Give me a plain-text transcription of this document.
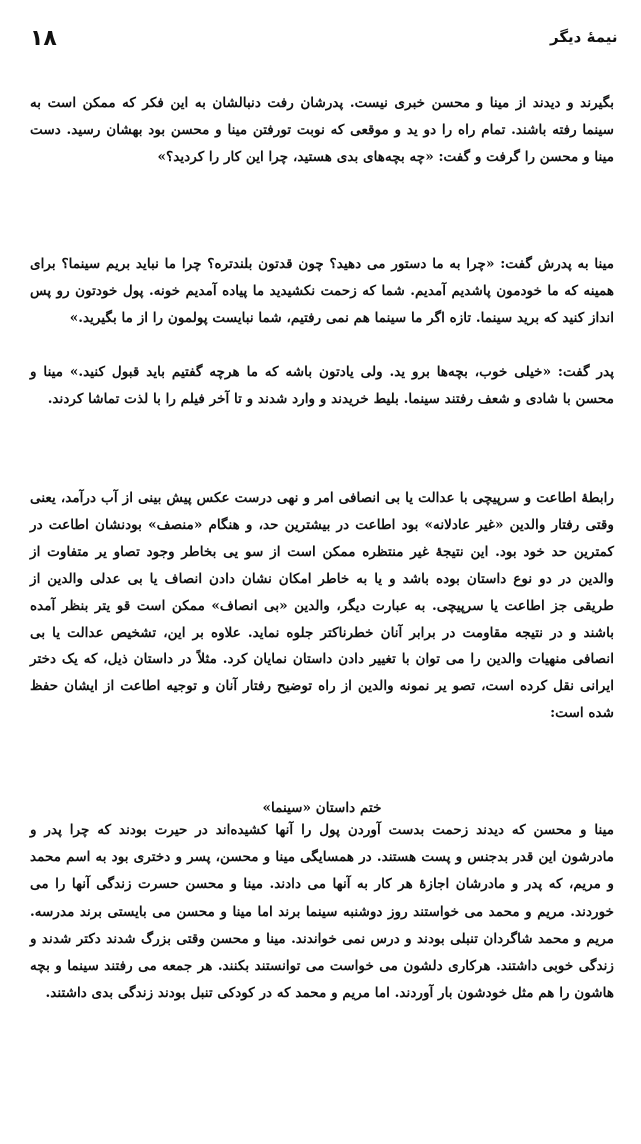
۱۸	نیمهٔ دیگر

بگیرند و دیدند از مینا و محسن خبری نیست. پدرشان رفت دنبالشان به این فکر که ممکن است به سینما رفته باشند. تمام راه را دو ید و موقعی که نوبت تورفتن مینا و محسن بود بهشان رسید. دست مینا و محسن را گرفت و گفت: «چه بچه‌های بدی هستید، چرا این کار را کردید؟»

مینا به پدرش گفت: «چرا به ما دستور می دهید؟ چون قدتون بلندتره؟ چرا ما نباید بریم سینما؟ برای همینه که ما خودمون پاشدیم آمدیم. شما که زحمت نکشیدید ما پیاده آمدیم خونه. پول خودتون رو پس انداز کنید که برید سینما. تازه اگر ما سینما هم نمی رفتیم، شما نبایست پولمون را از ما بگیرید.»

پدر گفت: «خیلی خوب، بچه‌ها برو ید. ولی یادتون باشه که ما هرچه گفتیم باید قبول کنید.» مینا و محسن با شادی و شعف رفتند سینما. بلیط خریدند و وارد شدند و تا آخر فیلم را با لذت تماشا کردند.

رابطهٔ اطاعت و سرپیچی با عدالت یا بی انصافی امر و نهی درست عکس پیش بینی از آب درآمد، یعنی وقتی رفتار والدین «غیر عادلانه» بود اطاعت در بیشترین حد، و هنگام «منصف» بودنشان اطاعت در کمترین حد خود بود. این نتیجهٔ غیر منتظره ممکن است از سو یی بخاطر وجود تصاو یر متفاوت از والدین در دو نوع داستان بوده باشد و یا به خاطر امکان نشان دادن انصاف یا بی عدلی والدین از طریقی جز اطاعت یا سرپیچی. به عبارت دیگر، والدین «بی انصاف» ممکن است قو یتر بنظر آمده باشند و در نتیجه مقاومت در برابر آنان خطرناکتر جلوه نماید. علاوه بر این، تشخیص عدالت یا بی انصافی منهیات والدین را می توان با تغییر دادن داستان نمایان کرد. مثلاً در داستان ذیل، که یک دختر ایرانی نقل کرده است، تصو یر نمونه والدین از راه توضیح رفتار آنان و توجیه اطاعت از ایشان حفظ شده است:

ختم داستان «سینما»

مینا و محسن که دیدند زحمت بدست آوردن پول را آنها کشیده‌اند در حیرت بودند که چرا پدر و مادرشون این قدر بدجنس و پست هستند. در همسایگی مینا و محسن، پسر و دختری بود به اسم محمد و مریم، که پدر و مادرشان اجازهٔ هر کار به آنها می دادند. مینا و محسن حسرت زندگی آنها را می خوردند. مریم و محمد می خواستند روز دوشنبه سینما برند اما مینا و محسن می بایستی برند مدرسه. مریم و محمد شاگردان تنبلی بودند و درس نمی خواندند. مینا و محسن وقتی بزرگ شدند دکتر شدند و زندگی خوبی داشتند. هرکاری دلشون می خواست می توانستند بکنند. هر جمعه می رفتند سینما و بچه هاشون را هم مثل خودشون بار آوردند. اما مریم و محمد که در کودکی تنبل بودند زندگی بدی داشتند.
